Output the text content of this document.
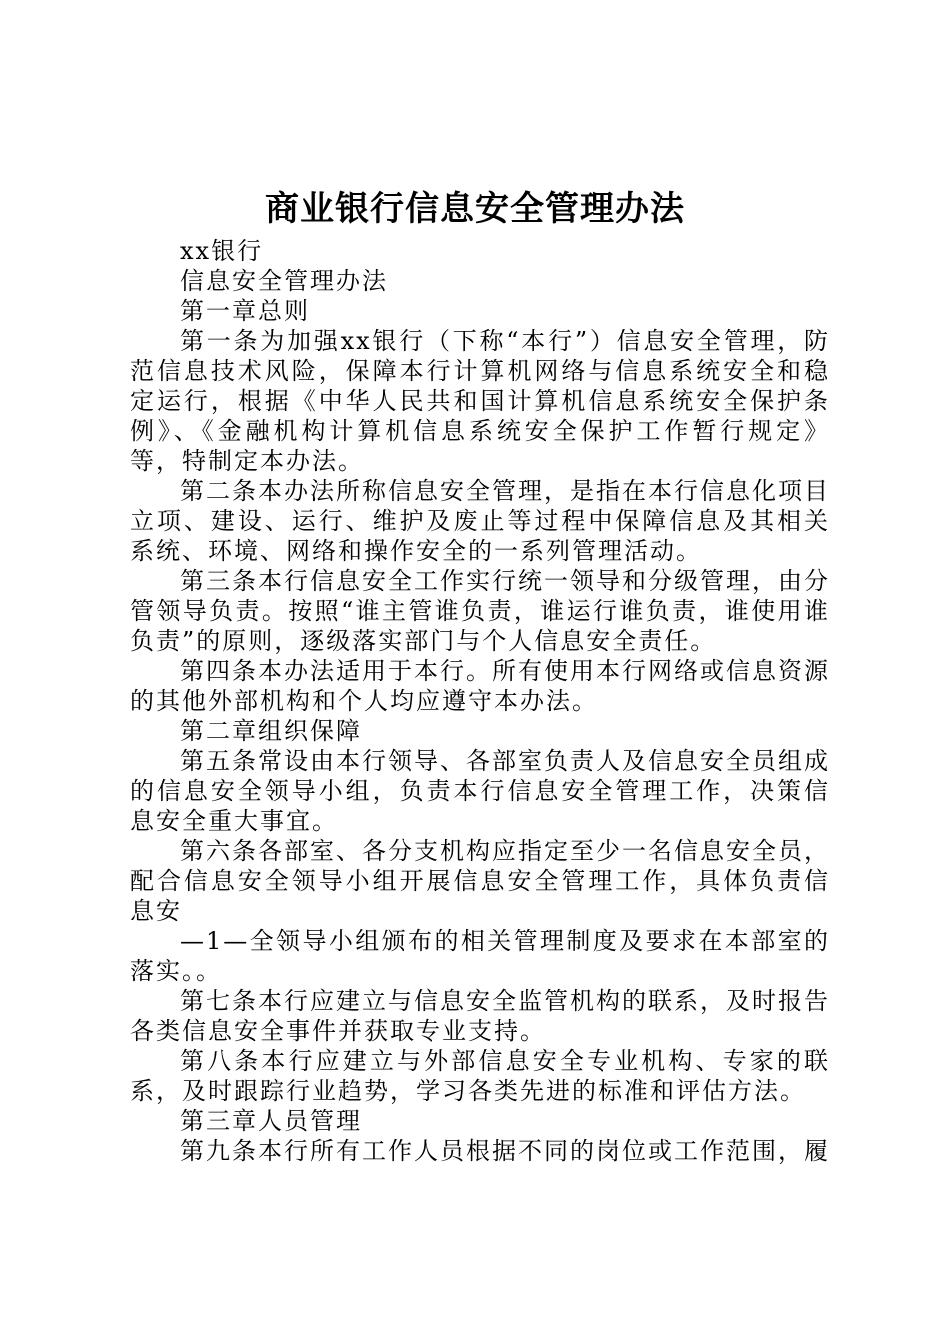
商业银行信息安全管理办法

xx银行

信息安全管理办法

第一章总则

第一条为加强xx银行（下称“本行”）信息安全管理，防范信息技术风险，保障本行计算机网络与信息系统安全和稳定运行，根据《中华人民共和国计算机信息系统安全保护条例》、《金融机构计算机信息系统安全保护工作暂行规定》等，特制定本办法。

第二条本办法所称信息安全管理，是指在本行信息化项目立项、建设、运行、维护及废止等过程中保障信息及其相关系统、环境、网络和操作安全的一系列管理活动。

第三条本行信息安全工作实行统一领导和分级管理，由分管领导负责。按照“谁主管谁负责，谁运行谁负责，谁使用谁负责”的原则，逐级落实部门与个人信息安全责任。

第四条本办法适用于本行。所有使用本行网络或信息资源的其他外部机构和个人均应遵守本办法。

第二章组织保障

第五条常设由本行领导、各部室负责人及信息安全员组成的信息安全领导小组，负责本行信息安全管理工作，决策信息安全重大事宜。

第六条各部室、各分支机构应指定至少一名信息安全员，配合信息安全领导小组开展信息安全管理工作，具体负责信息安

—1—全领导小组颁布的相关管理制度及要求在本部室的落实。。

第七条本行应建立与信息安全监管机构的联系，及时报告各类信息安全事件并获取专业支持。

第八条本行应建立与外部信息安全专业机构、专家的联系，及时跟踪行业趋势，学习各类先进的标准和评估方法。

第三章人员管理

第九条本行所有工作人员根据不同的岗位或工作范围，履
